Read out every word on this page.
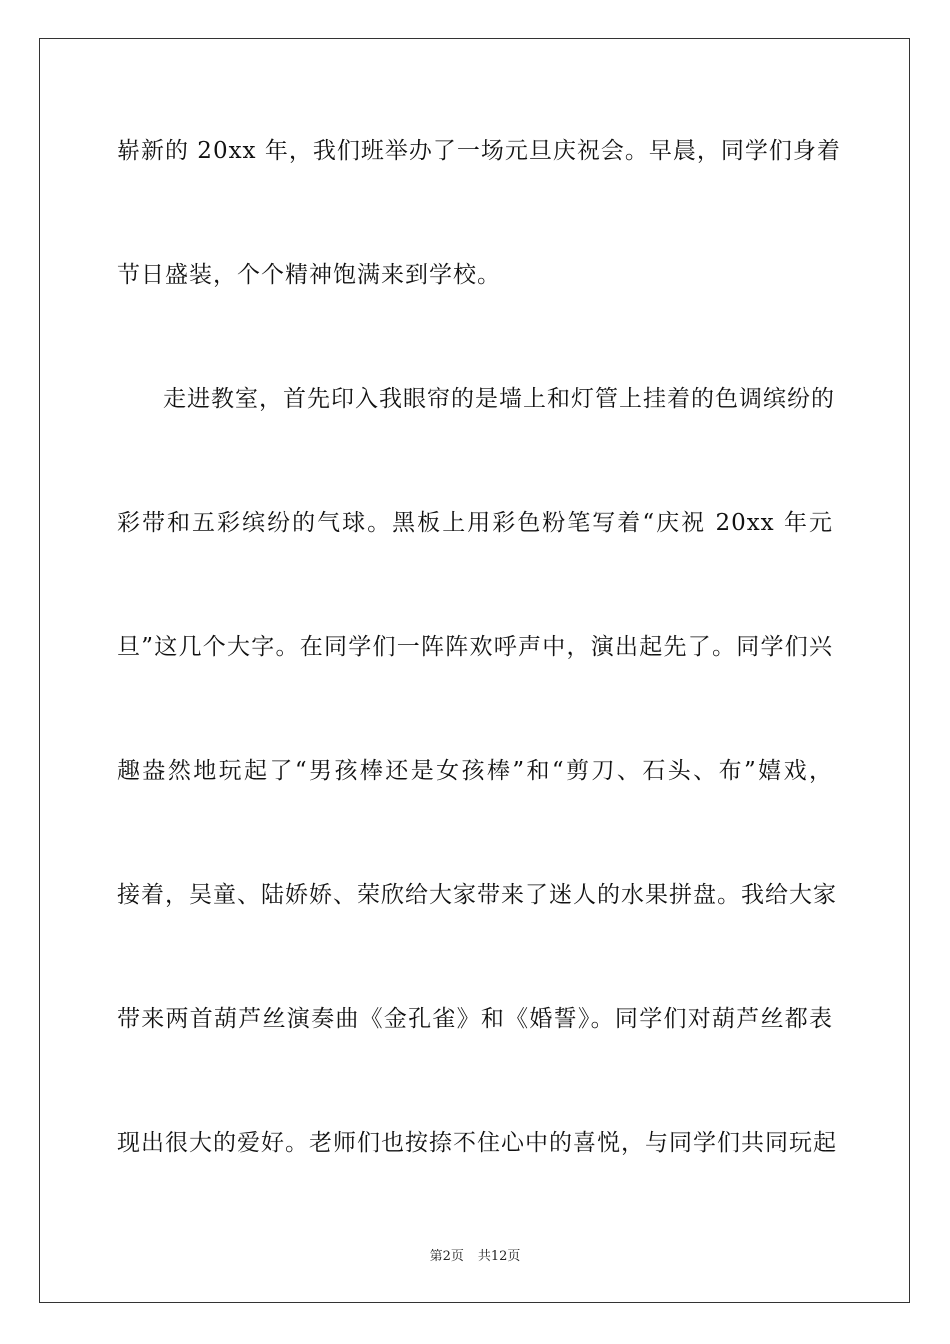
崭新的 20xx 年，我们班举办了一场元旦庆祝会。早晨，同学们身着
节日盛装，个个精神饱满来到学校。
走进教室，首先印入我眼帘的是墙上和灯管上挂着的色调缤纷的
彩带和五彩缤纷的气球。黑板上用彩色粉笔写着“庆祝 20xx 年元
旦”这几个大字。在同学们一阵阵欢呼声中，演出起先了。同学们兴
趣盎然地玩起了“男孩棒还是女孩棒”和“剪刀、石头、布”嬉戏，
接着，吴童、陆娇娇、荣欣给大家带来了迷人的水果拼盘。我给大家
带来两首葫芦丝演奏曲《金孔雀》和《婚誓》。同学们对葫芦丝都表
现出很大的爱好。老师们也按捺不住心中的喜悦，与同学们共同玩起
第2页 共12页
